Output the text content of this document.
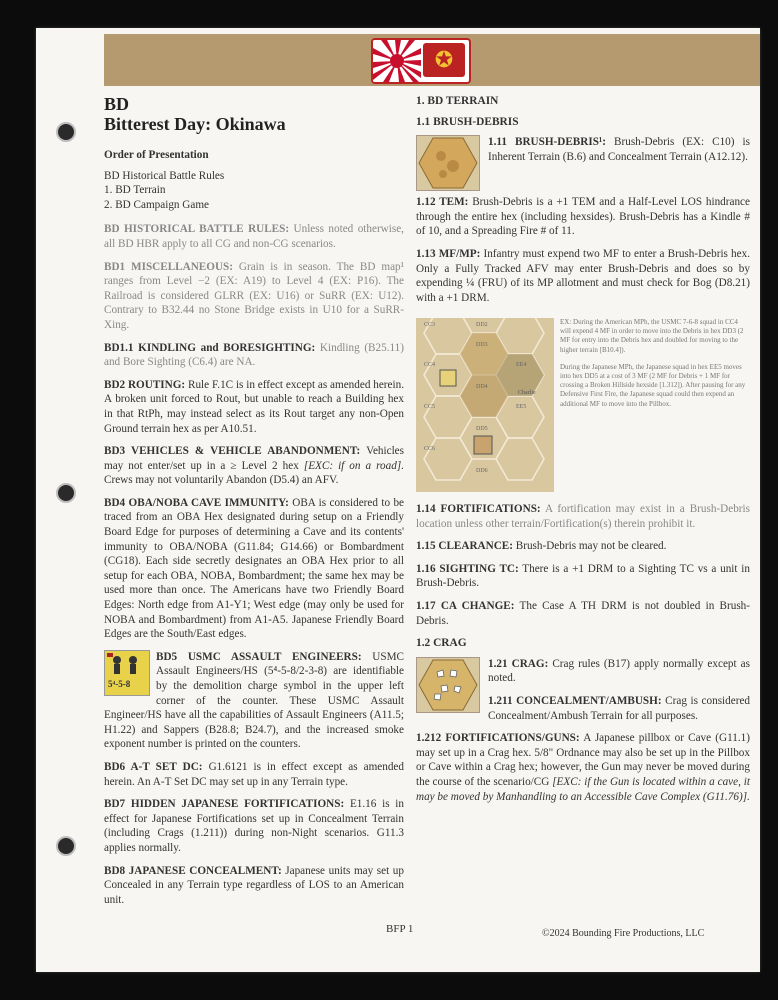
✪
BD
Bitterest Day: Okinawa
Order of Presentation
BD Historical Battle Rules
1. BD Terrain
2. BD Campaign Game

BD HISTORICAL BATTLE RULES: Unless noted otherwise, all BD HBR apply to all CG and non-CG scenarios.

BD1 MISCELLANEOUS: Grain is in season. The BD map¹ ranges from Level −2 (EX: A19) to Level 4 (EX: P16). The Railroad is considered GLRR (EX: U16) or SuRR (EX: U12). Contrary to B32.44 no Stone Bridge exists in U10 for a SuRR-Xing.

BD1.1 KINDLING and BORESIGHTING: Kindling (B25.11) and Bore Sighting (C6.4) are NA.

BD2 ROUTING: Rule F.1C is in effect except as amended herein. A broken unit forced to Rout, but unable to reach a Building hex in that RtPh, may instead select as its Rout target any non-Open Ground terrain hex as per A10.51.

BD3 VEHICLES & VEHICLE ABANDONMENT: Vehicles may not enter/set up in a ≥ Level 2 hex [EXC: if on a road]. Crews may not voluntarily Abandon (D5.4) an AFV.

BD4 OBA/NOBA CAVE IMMUNITY: OBA is considered to be traced from an OBA Hex designated during setup on a Friendly Board Edge for purposes of determining a Cave and its contents' immunity to OBA/NOBA (G11.84; G14.66) or Bombardment (CG18). Each side secretly designates an OBA Hex prior to all setup for each OBA, NOBA, Bombardment; the same hex may be used more than once. The Americans have two Friendly Board Edges: North edge from A1-Y1; West edge (may only be used for NOBA and Bombardment) from A1-A5. Japanese Friendly Board Edges are the South/East edges.

5⁴-5-8
BD5 USMC ASSAULT ENGINEERS: USMC Assault Engineers/HS (5⁴-5-8/2-3-8) are identifiable by the demolition charge symbol in the upper left corner of the counter. These USMC Assault Engineer/HS have all the capabilities of Assault Engineers (A11.5; H1.22) and Sappers (B28.8; B24.7), and the increased smoke exponent number is printed on the counters.

BD6 A-T SET DC: G1.6121 is in effect except as amended herein. An A-T Set DC may set up in any Terrain type.

BD7 HIDDEN JAPANESE FORTIFICATIONS: E1.16 is in effect for Japanese Fortifications set up in Concealment Terrain (including Crags (1.211)) during non-Night scenarios. G11.3 applies normally.

BD8 JAPANESE CONCEALMENT: Japanese units may set up Concealed in any Terrain type regardless of LOS to an American unit.

1. BD TERRAIN
1.1 BRUSH-DEBRIS

1.11 BRUSH-DEBRIS¹: Brush-Debris (EX: C10) is Inherent Terrain (B.6) and Concealment Terrain (A12.12).

1.12 TEM: Brush-Debris is a +1 TEM and a Half-Level LOS hindrance through the entire hex (including hexsides). Brush-Debris has a Kindle # of 10, and a Spreading Fire # of 11.

1.13 MF/MP: Infantry must expend two MF to enter a Brush-Debris hex. Only a Fully Tracked AFV may enter Brush-Debris and does so by expending ¼ (FRU) of its MP allotment and must check for Bog (D8.21) with a +1 DRM.

CC3	DD2
CC4
DD3
EE4
DD4
CC5	EE5
DD5
CC6
DD6
Charlie
EX: During the American MPh, the USMC 7-6-8 squad in CC4 will expend 4 MF in order to move into the Debris in hex DD3 (2 MF for entry into the Debris hex and doubled for moving to the higher terrain [B10.4]).
During the Japanese MPh, the Japanese squad in hex EE5 moves into hex DD5 at a cost of 3 MF (2 MF for Debris + 1 MF for crossing a Broken Hillside hexside [1.312]). After pausing for any Defensive First Fire, the Japanese squad could then expend an additional MF to move into the Pillbox.

1.14 FORTIFICATIONS: A fortification may exist in a Brush-Debris location unless other terrain/Fortification(s) therein prohibit it.

1.15 CLEARANCE: Brush-Debris may not be cleared.

1.16 SIGHTING TC: There is a +1 DRM to a Sighting TC vs a unit in Brush-Debris.

1.17 CA CHANGE: The Case A TH DRM is not doubled in Brush-Debris.

1.2 CRAG

1.21 CRAG: Crag rules (B17) apply normally except as noted.

1.211 CONCEALMENT/AMBUSH: Crag is considered Concealment/Ambush Terrain for all purposes.

1.212 FORTIFICATIONS/GUNS: A Japanese pillbox or Cave (G11.1) may set up in a Crag hex. 5/8" Ordnance may also be set up in the Pillbox or Cave within a Crag hex; however, the Gun may never be moved during the course of the scenario/CG [EXC: if the Gun is located within a cave, it may be moved by Manhandling to an Accessible Cave Complex (G11.76)].

BFP 1	©2024 Bounding Fire Productions, LLC
